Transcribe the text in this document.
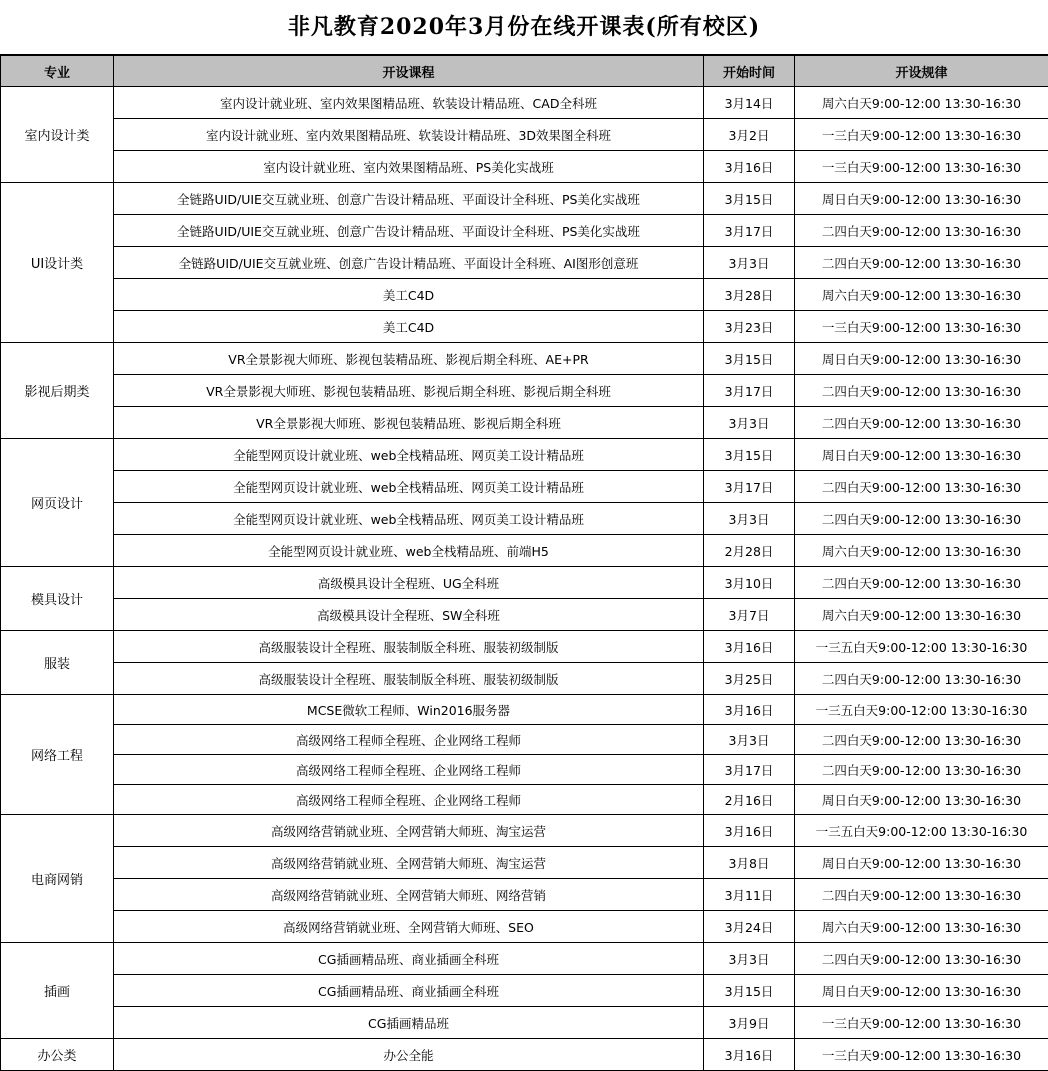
非凡教育2020年3月份在线开课表(所有校区)
专业	开设课程	开始时间	开设规律
室内设计类	室内设计就业班、室内效果图精品班、软装设计精品班、CAD全科班	3月14日	周六白天9:00-12:00 13:30-16:30
	室内设计就业班、室内效果图精品班、软装设计精品班、3D效果图全科班	3月2日	一三白天9:00-12:00 13:30-16:30
	室内设计就业班、室内效果图精品班、PS美化实战班	3月16日	一三白天9:00-12:00 13:30-16:30
UI设计类	全链路UID/UIE交互就业班、创意广告设计精品班、平面设计全科班、PS美化实战班	3月15日	周日白天9:00-12:00 13:30-16:30
	全链路UID/UIE交互就业班、创意广告设计精品班、平面设计全科班、PS美化实战班	3月17日	二四白天9:00-12:00 13:30-16:30
	全链路UID/UIE交互就业班、创意广告设计精品班、平面设计全科班、AI图形创意班	3月3日	二四白天9:00-12:00 13:30-16:30
	美工C4D	3月28日	周六白天9:00-12:00 13:30-16:30
	美工C4D	3月23日	一三白天9:00-12:00 13:30-16:30
影视后期类	VR全景影视大师班、影视包装精品班、影视后期全科班、AE+PR	3月15日	周日白天9:00-12:00 13:30-16:30
	VR全景影视大师班、影视包装精品班、影视后期全科班、影视后期全科班	3月17日	二四白天9:00-12:00 13:30-16:30
	VR全景影视大师班、影视包装精品班、影视后期全科班	3月3日	二四白天9:00-12:00 13:30-16:30
网页设计	全能型网页设计就业班、web全栈精品班、网页美工设计精品班	3月15日	周日白天9:00-12:00 13:30-16:30
	全能型网页设计就业班、web全栈精品班、网页美工设计精品班	3月17日	二四白天9:00-12:00 13:30-16:30
	全能型网页设计就业班、web全栈精品班、网页美工设计精品班	3月3日	二四白天9:00-12:00 13:30-16:30
	全能型网页设计就业班、web全栈精品班、前端H5	2月28日	周六白天9:00-12:00 13:30-16:30
模具设计	高级模具设计全程班、UG全科班	3月10日	二四白天9:00-12:00 13:30-16:30
	高级模具设计全程班、SW全科班	3月7日	周六白天9:00-12:00 13:30-16:30
服装	高级服装设计全程班、服装制版全科班、服装初级制版	3月16日	一三五白天9:00-12:00 13:30-16:30
	高级服装设计全程班、服装制版全科班、服装初级制版	3月25日	二四白天9:00-12:00 13:30-16:30
网络工程	MCSE微软工程师、Win2016服务器	3月16日	一三五白天9:00-12:00 13:30-16:30
	高级网络工程师全程班、企业网络工程师	3月3日	二四白天9:00-12:00 13:30-16:30
	高级网络工程师全程班、企业网络工程师	3月17日	二四白天9:00-12:00 13:30-16:30
	高级网络工程师全程班、企业网络工程师	2月16日	周日白天9:00-12:00 13:30-16:30
电商网销	高级网络营销就业班、全网营销大师班、淘宝运营	3月16日	一三五白天9:00-12:00 13:30-16:30
	高级网络营销就业班、全网营销大师班、淘宝运营	3月8日	周日白天9:00-12:00 13:30-16:30
	高级网络营销就业班、全网营销大师班、网络营销	3月11日	二四白天9:00-12:00 13:30-16:30
	高级网络营销就业班、全网营销大师班、SEO	3月24日	周六白天9:00-12:00 13:30-16:30
插画	CG插画精品班、商业插画全科班	3月3日	二四白天9:00-12:00 13:30-16:30
	CG插画精品班、商业插画全科班	3月15日	周日白天9:00-12:00 13:30-16:30
	CG插画精品班	3月9日	一三白天9:00-12:00 13:30-16:30
办公类	办公全能	3月16日	一三白天9:00-12:00 13:30-16:30
